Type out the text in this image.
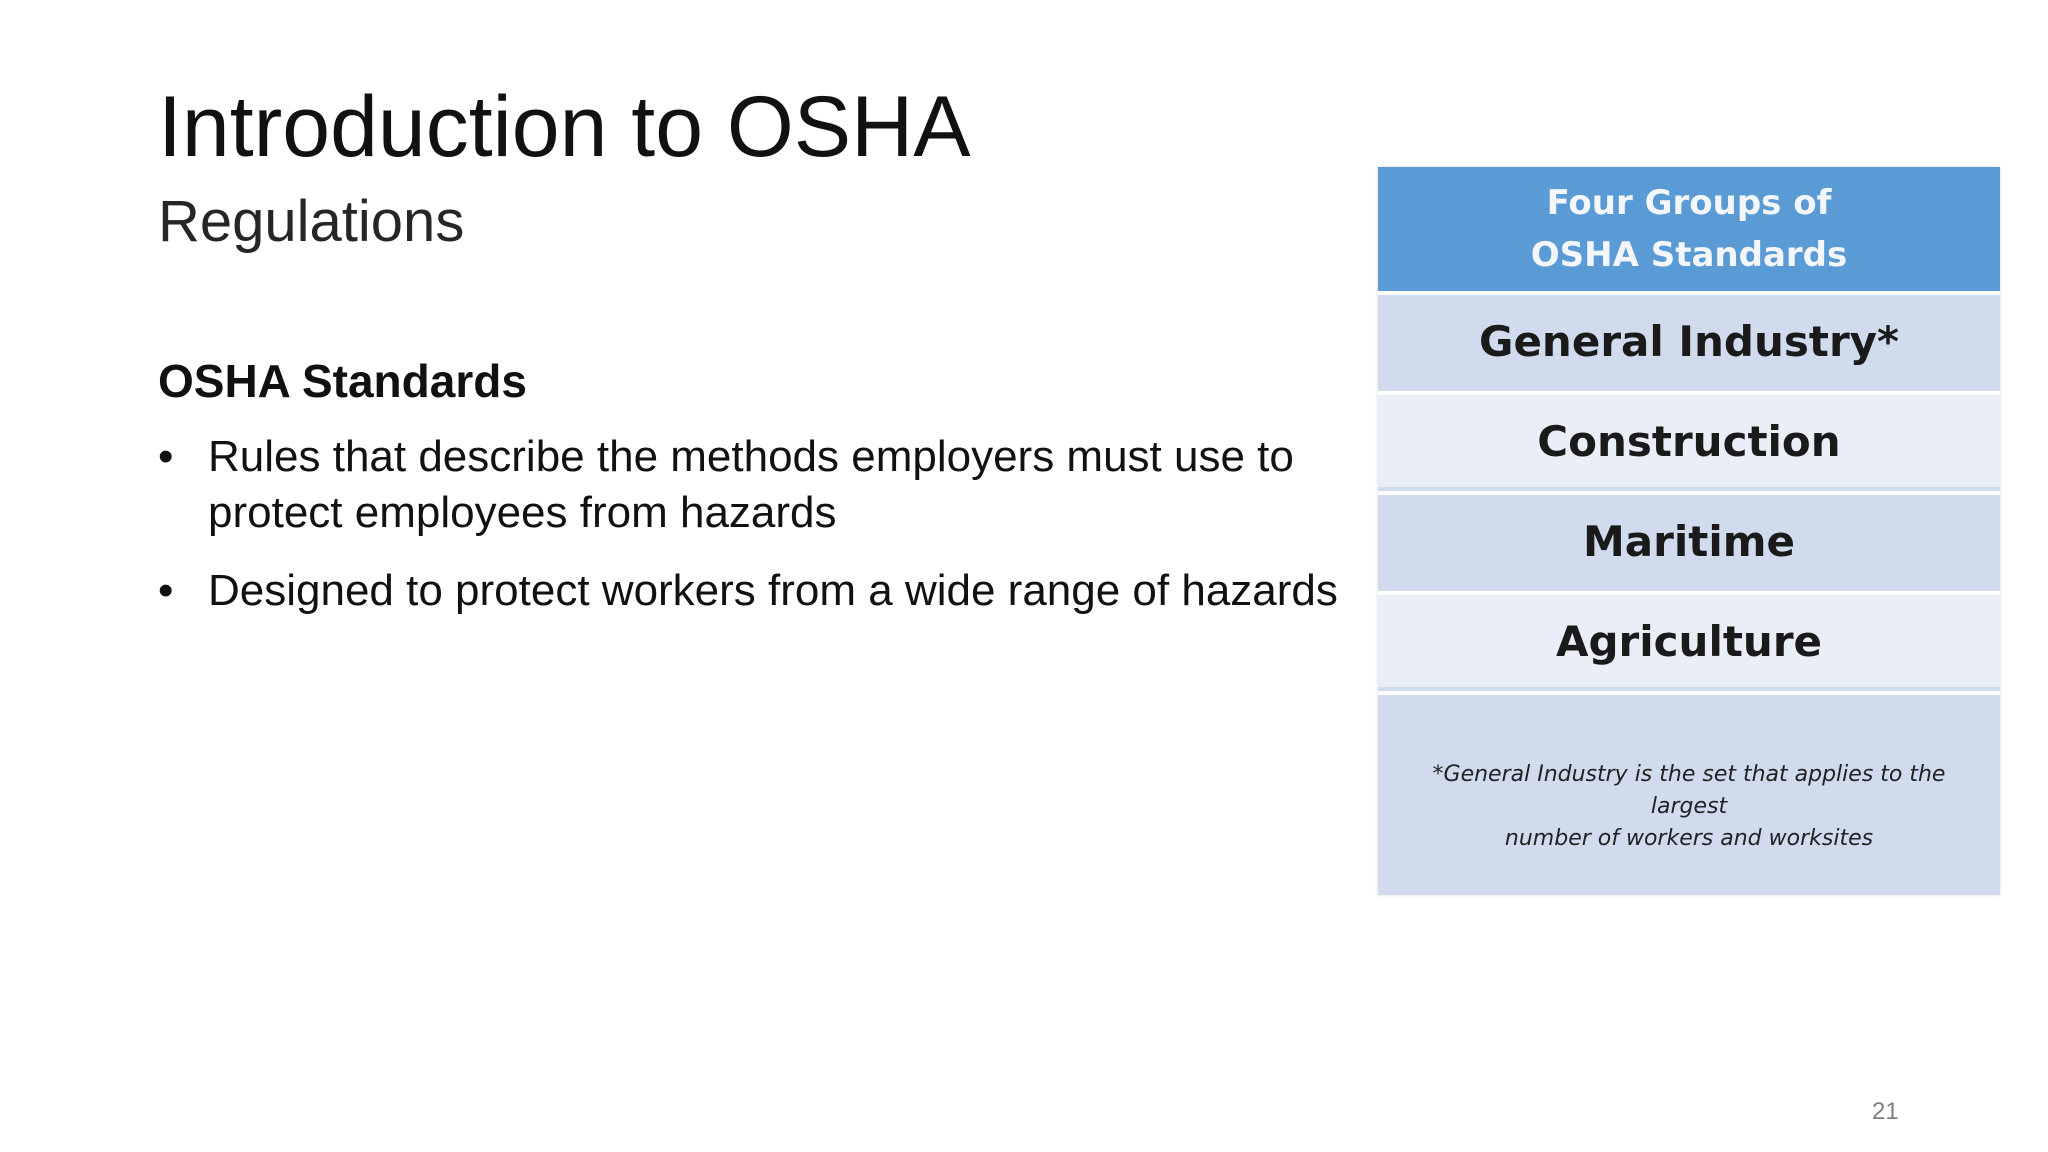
Introduction to OSHA
Regulations
OSHA Standards
• Rules that describe the methods employers must use to protect employees from hazards
• Designed to protect workers from a wide range of hazards
Four Groups of
OSHA Standards
General Industry*
Construction
Maritime
Agriculture
*General Industry is the set that applies to the largest
number of workers and worksites
21
